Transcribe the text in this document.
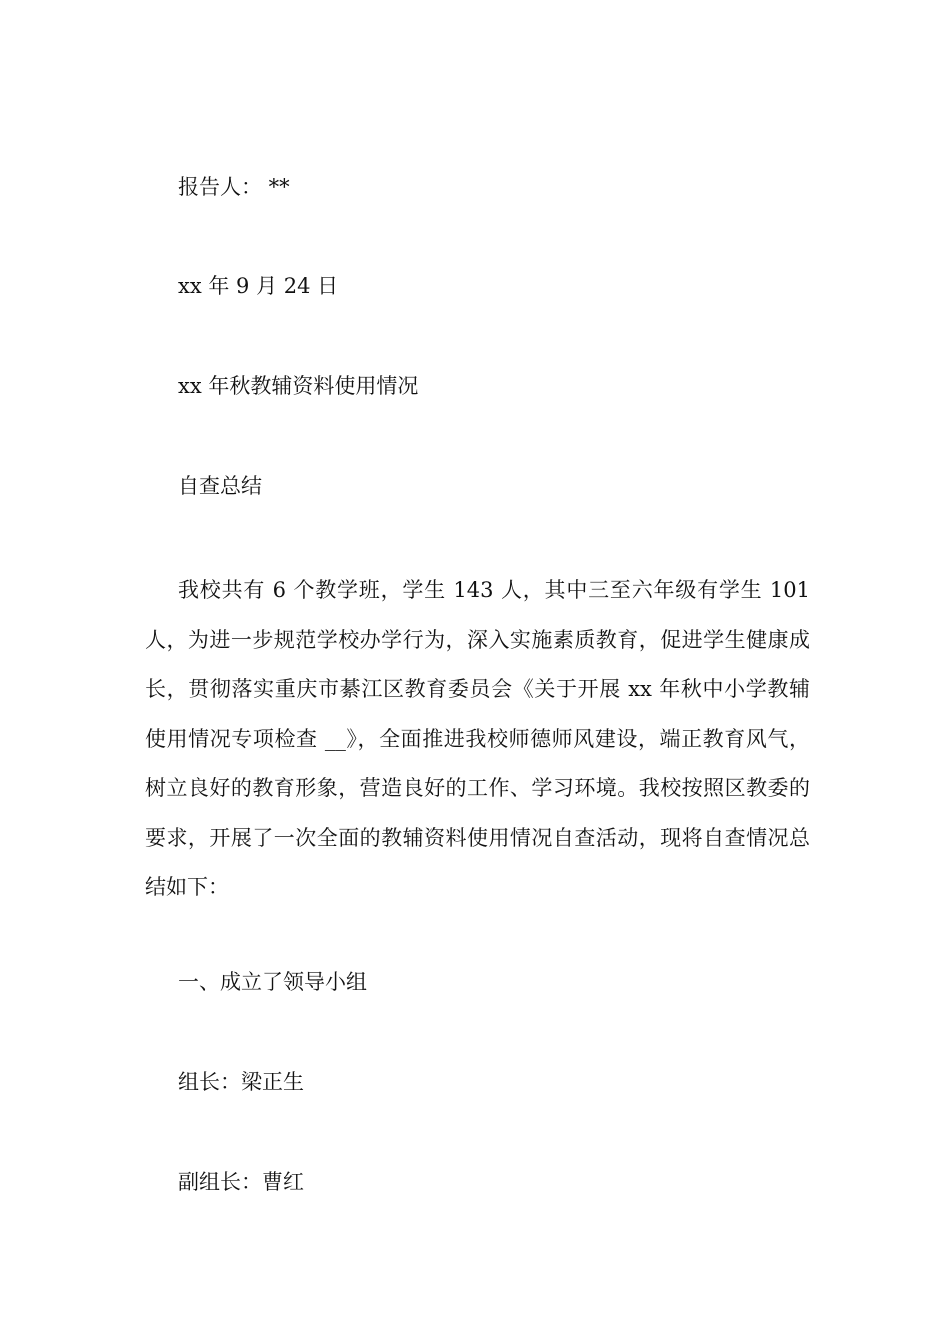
报告人： **

xx 年 9 月 24 日

xx 年秋教辅资料使用情况

自查总结

我校共有 6 个教学班，学生 143 人，其中三至六年级有学生 101 人，为进一步规范学校办学行为，深入实施素质教育，促进学生健康成长，贯彻落实重庆市綦江区教育委员会《关于开展 xx 年秋中小学教辅使用情况专项检查 __》，全面推进我校师德师风建设，端正教育风气，树立良好的教育形象，营造良好的工作、学习环境。我校按照区教委的要求，开展了一次全面的教辅资料使用情况自查活动，现将自查情况总结如下：

一、成立了领导小组

组长：梁正生

副组长：曹红
